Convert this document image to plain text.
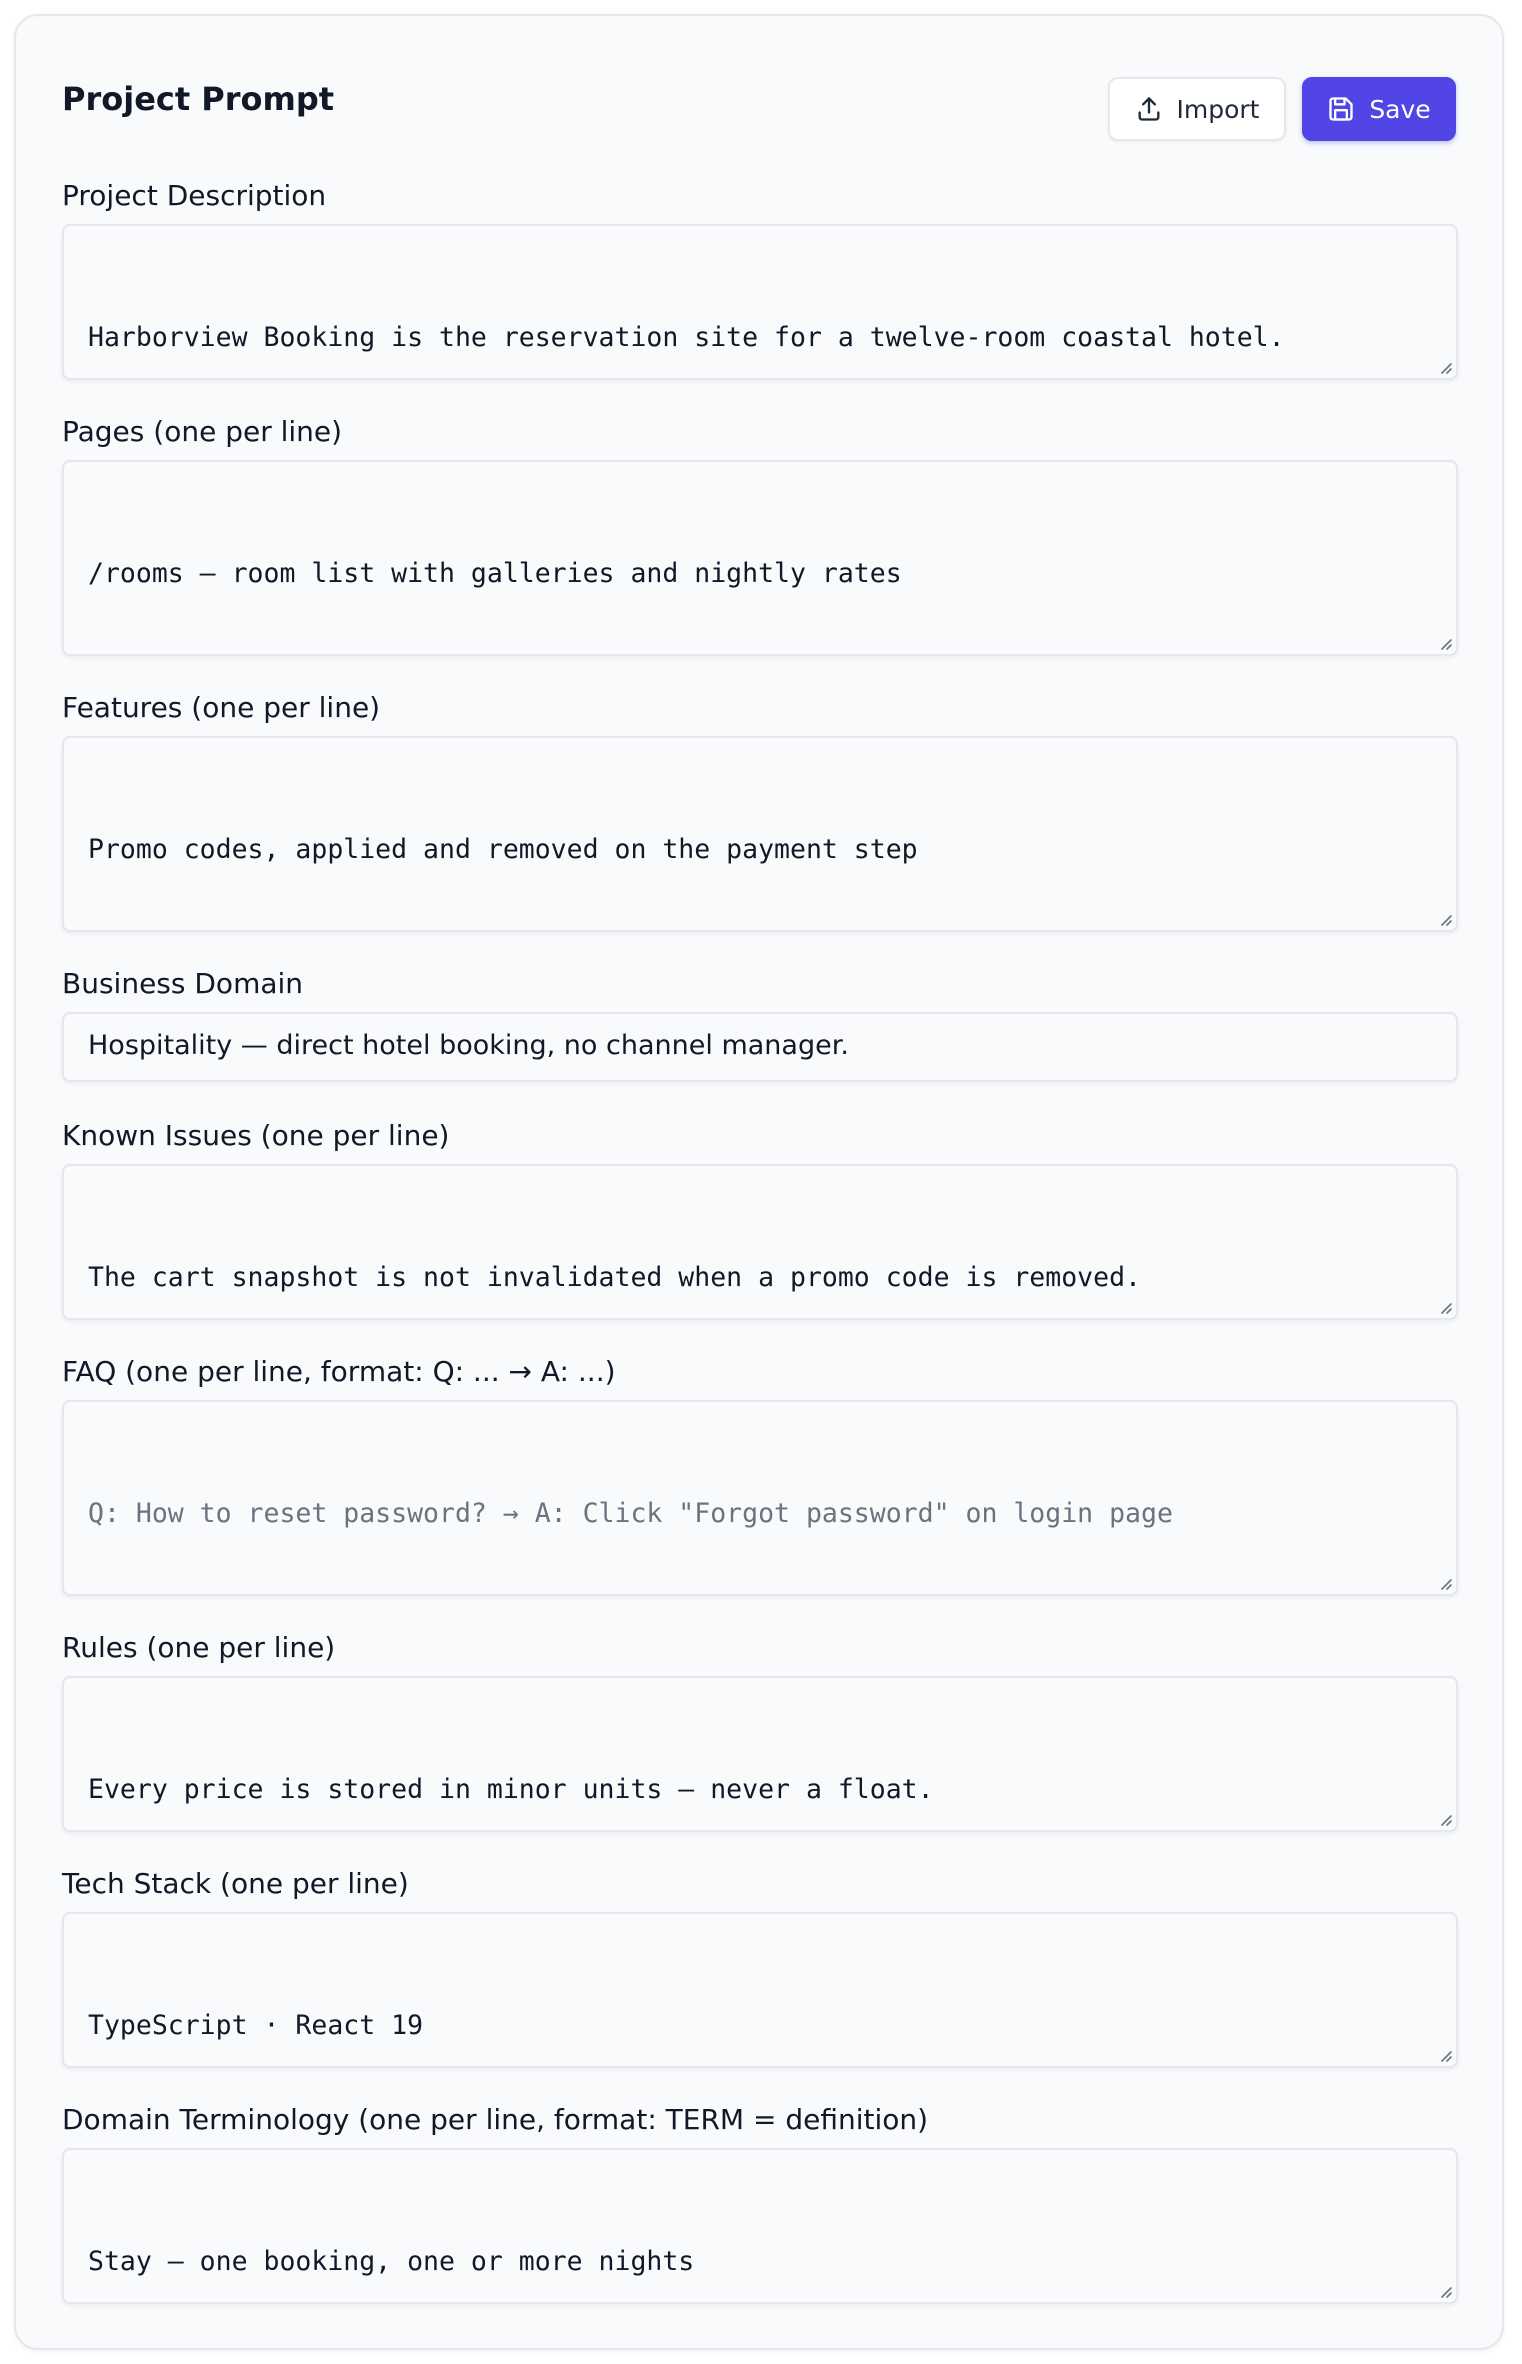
Project Prompt	Import	Save
Project Description

Harborview Booking is the reservation site for a twelve-room coastal hotel.

Pages (one per line)

/rooms — room list with galleries and nightly rates

Features (one per line)

Promo codes, applied and removed on the payment step

Business Domain
Hospitality — direct hotel booking, no channel manager.
Known Issues (one per line)

The cart snapshot is not invalidated when a promo code is removed.

FAQ (one per line, format: Q: ... → A: ...)

Q: How to reset password? → A: Click "Forgot password" on login page

Rules (one per line)

Every price is stored in minor units — never a float.

Tech Stack (one per line)

TypeScript · React 19

Domain Terminology (one per line, format: TERM = definition)

Stay — one booking, one or more nights
